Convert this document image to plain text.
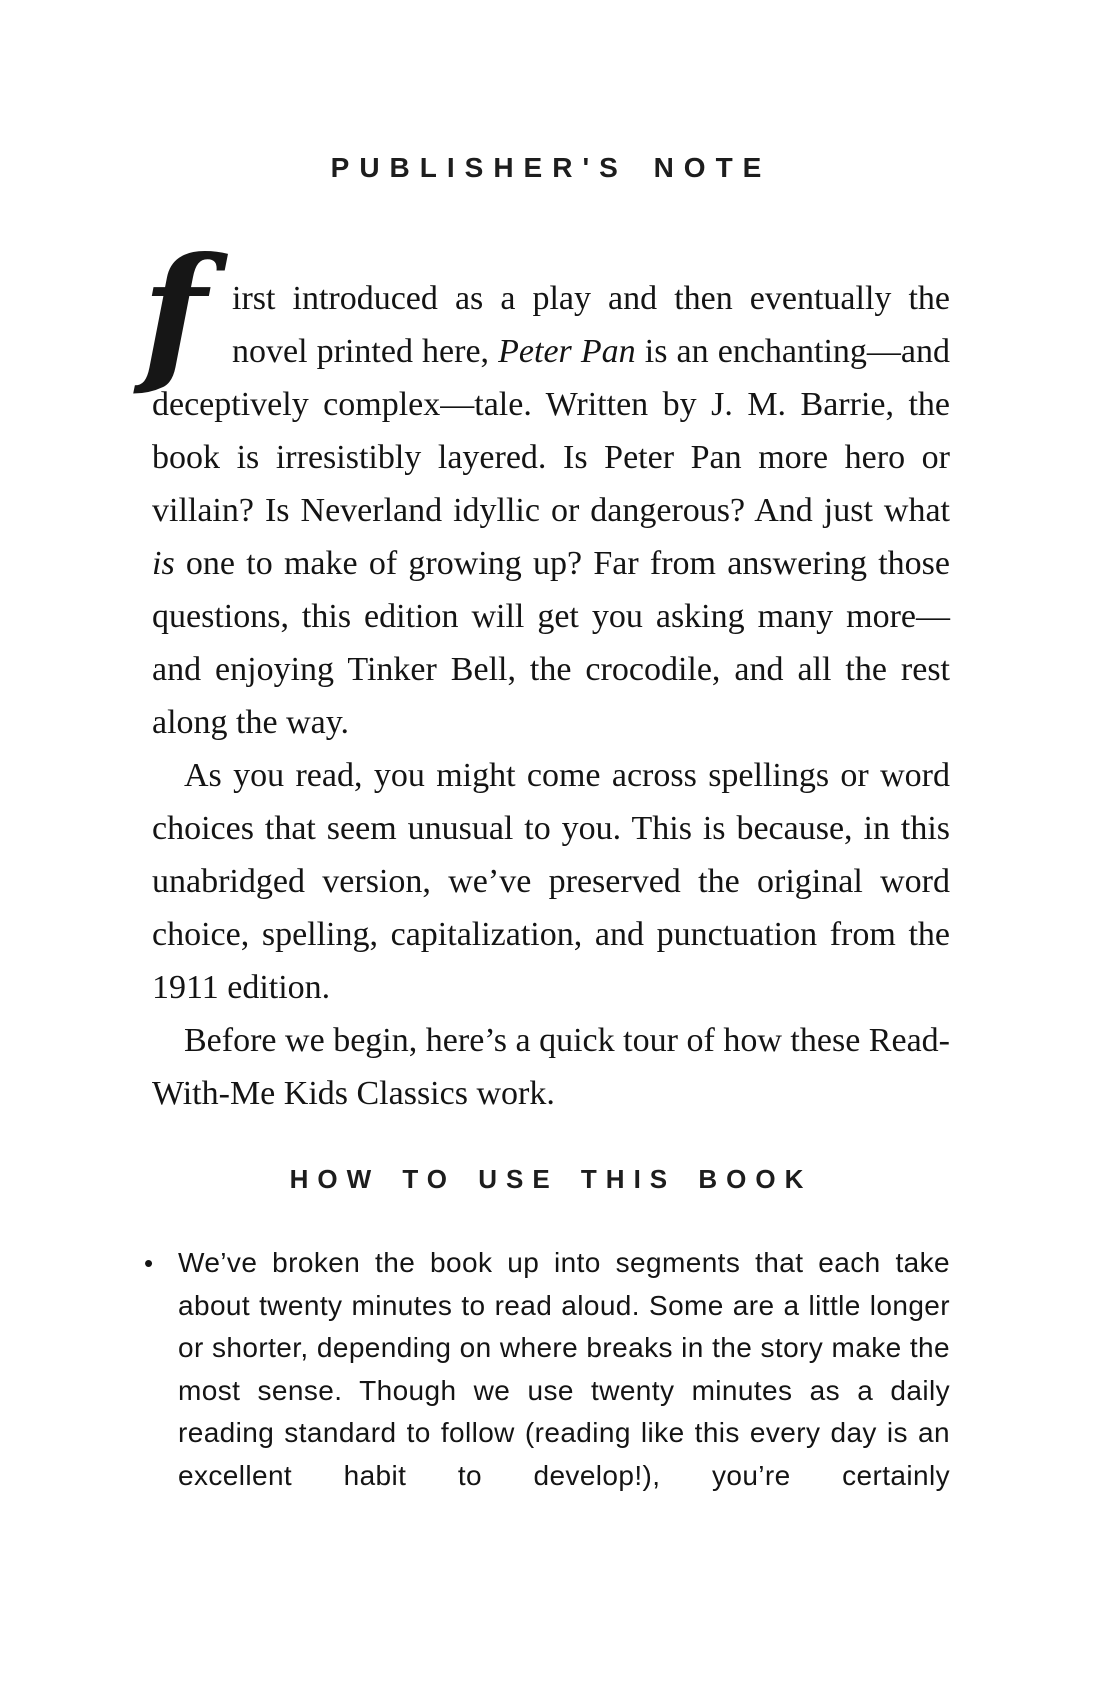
PUBLISHER'S NOTE

f irst introduced as a play and then eventually the novel printed here, Peter Pan is an enchanting—and deceptively complex—tale. Written by J. M. Barrie, the book is irresistibly layered. Is Peter Pan more hero or villain? Is Neverland idyllic or dangerous? And just what is one to make of growing up? Far from answering those questions, this edition will get you asking many more—and enjoying Tinker Bell, the crocodile, and all the rest along the way.

As you read, you might come across spellings or word choices that seem unusual to you. This is because, in this unabridged version, we’ve preserved the original word choice, spelling, capitalization, and punctuation from the 1911 edition.

Before we begin, here’s a quick tour of how these Read-With-Me Kids Classics work.

HOW TO USE THIS BOOK
• We’ve broken the book up into segments that each take about twenty minutes to read aloud. Some are a little longer or shorter, depending on where breaks in the story make the most sense. Though we use twenty minutes as a daily reading standard to follow (reading like this every day is an excellent habit to develop!), you’re certainly
